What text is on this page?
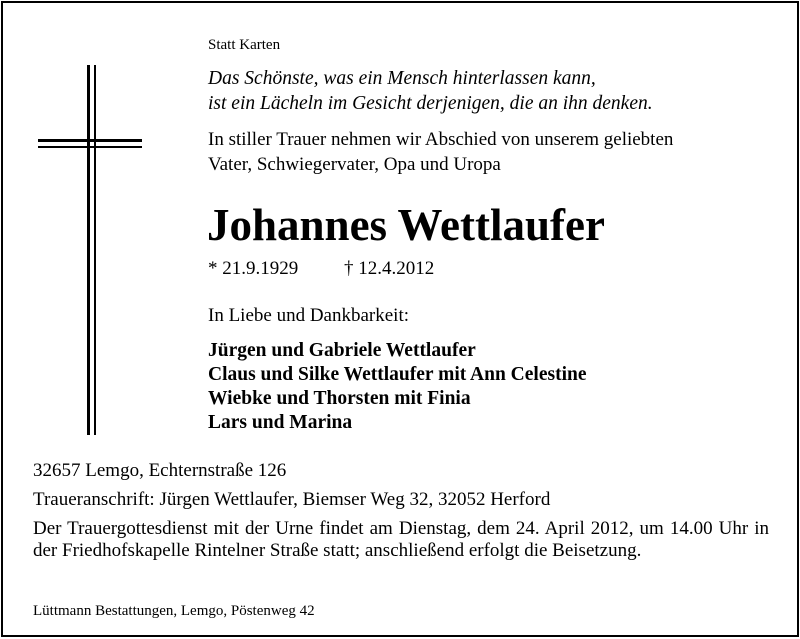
Statt Karten
Das Schönste, was ein Mensch hinterlassen kann,
ist ein Lächeln im Gesicht derjenigen, die an ihn denken.
In stiller Trauer nehmen wir Abschied von unserem geliebten
Vater, Schwiegervater, Opa und Uropa
Johannes Wettlaufer
* 21.9.1929 † 12.4.2012
In Liebe und Dankbarkeit:
Jürgen und Gabriele Wettlaufer
Claus und Silke Wettlaufer mit Ann Celestine
Wiebke und Thorsten mit Finia
Lars und Marina
32657 Lemgo, Echternstraße 126
Traueranschrift: Jürgen Wettlaufer, Biemser Weg 32, 32052 Herford
Der Trauergottesdienst mit der Urne findet am Dienstag, dem 24. April 2012, um 14.00 Uhr in der Friedhofskapelle Rintelner Straße statt; anschließend erfolgt die Beisetzung.
Lüttmann Bestattungen, Lemgo, Pöstenweg 42
